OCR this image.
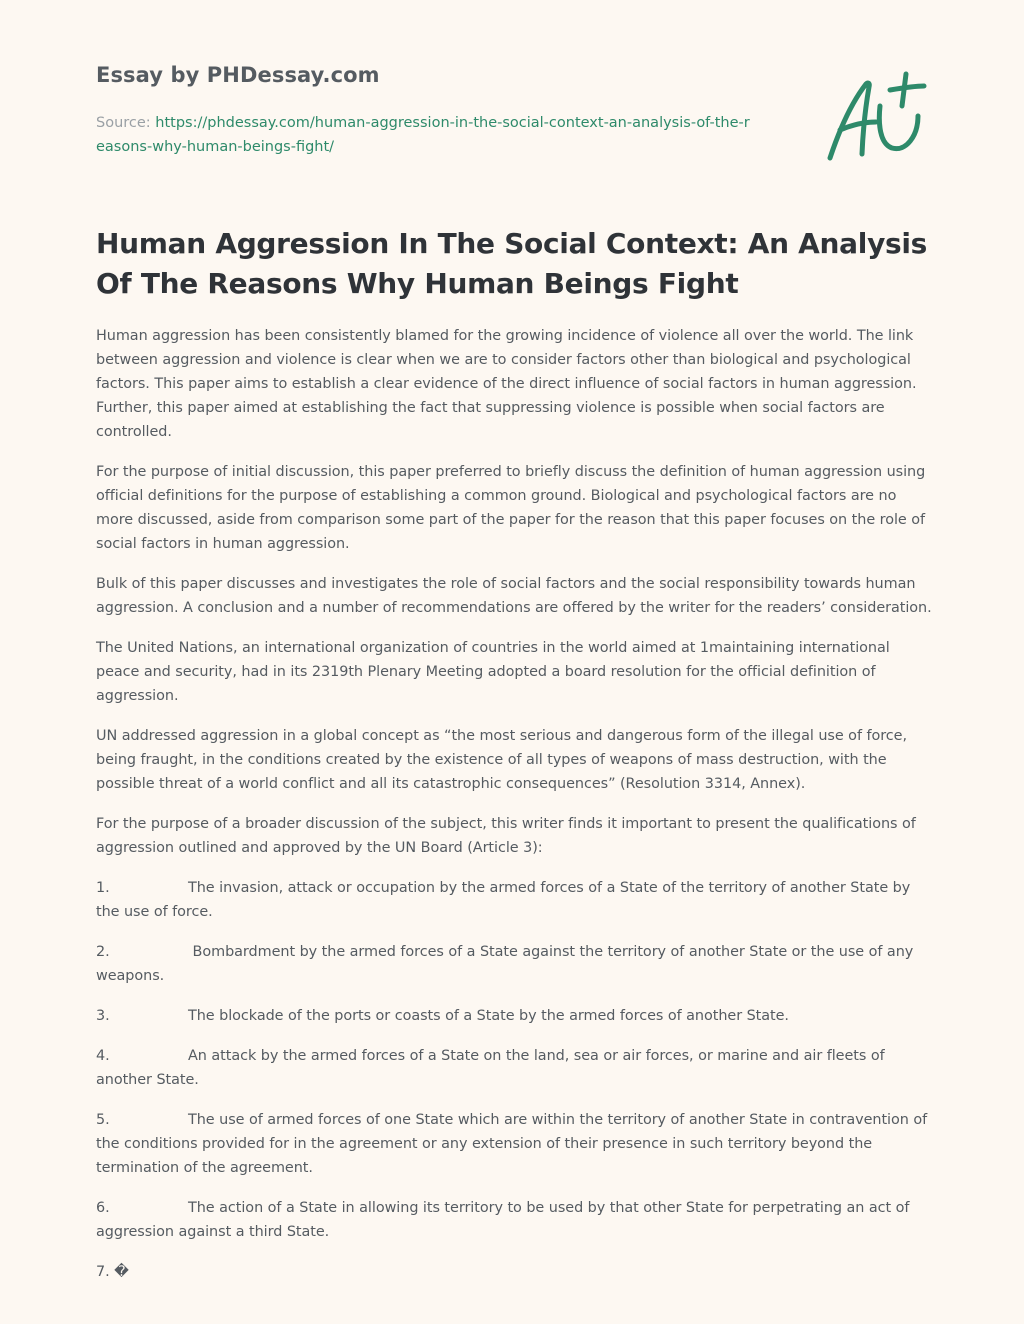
Essay by PHDessay.com
Source: https://phdessay.com/human-aggression-in-the-social-context-an-analysis-of-the-reasons-why-human-beings-fight/
Human Aggression In The Social Context: An Analysis Of The Reasons Why Human Beings Fight

Human aggression has been consistently blamed for the growing incidence of violence all over the world. The link between aggression and violence is clear when we are to consider factors other than biological and psychological factors. This paper aims to establish a clear evidence of the direct influence of social factors in human aggression. Further, this paper aimed at establishing the fact that suppressing violence is possible when social factors are controlled.

For the purpose of initial discussion, this paper preferred to briefly discuss the definition of human aggression using official definitions for the purpose of establishing a common ground. Biological and psychological factors are no more discussed, aside from comparison some part of the paper for the reason that this paper focuses on the role of social factors in human aggression.

Bulk of this paper discusses and investigates the role of social factors and the social responsibility towards human aggression. A conclusion and a number of recommendations are offered by the writer for the readers’ consideration.

The United Nations, an international organization of countries in the world aimed at 1maintaining international peace and security, had in its 2319th Plenary Meeting adopted a board resolution for the official definition of aggression.

UN addressed aggression in a global concept as “the most serious and dangerous form of the illegal use of force, being fraught, in the conditions created by the existence of all types of weapons of mass destruction, with the possible threat of a world conflict and all its catastrophic consequences” (Resolution 3314, Annex).

For the purpose of a broader discussion of the subject, this writer finds it important to present the qualifications of aggression outlined and approved by the UN Board (Article 3):

1.	The invasion, attack or occupation by the armed forces of a State of the territory of another State by the use of force.

2.	Bombardment by the armed forces of a State against the territory of another State or the use of any weapons.

3.	The blockade of the ports or coasts of a State by the armed forces of another State.

4.	An attack by the armed forces of a State on the land, sea or air forces, or marine and air fleets of another State.

5.	The use of armed forces of one State which are within the territory of another State in contravention of the conditions provided for in the agreement or any extension of their presence in such territory beyond the termination of the agreement.

6.	The action of a State in allowing its territory to be used by that other State for perpetrating an act of aggression against a third State.

7. �
